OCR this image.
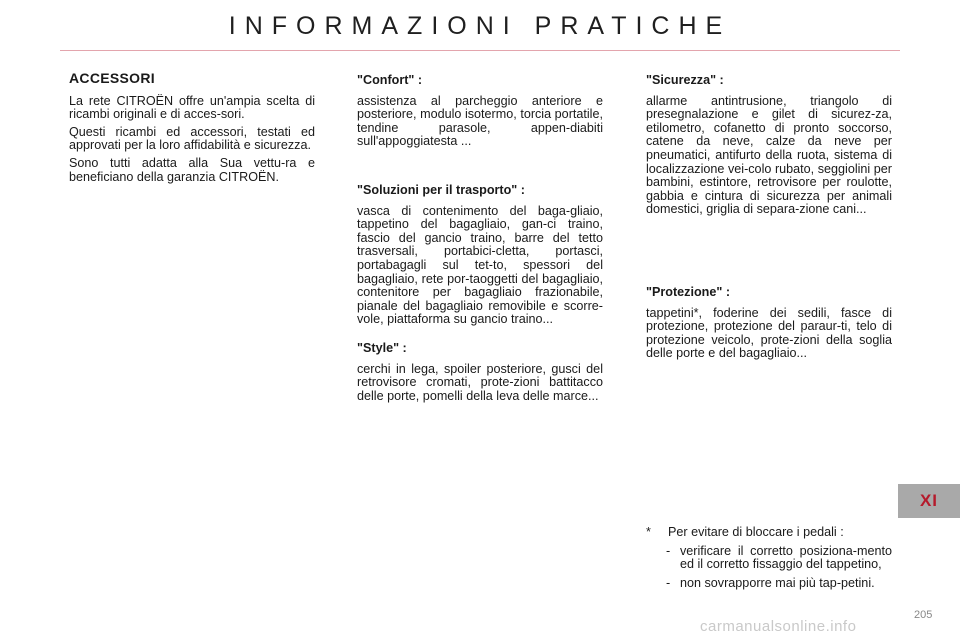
INFORMAZIONI PRATICHE
ACCESSORI

La rete CITROËN offre un'ampia scelta di ricambi originali e di acces-sori.

Questi ricambi ed accessori, testati ed approvati per la loro affidabilità e sicurezza.

Sono tutti adatta alla Sua vettu-ra e beneficiano della garanzia CITROËN.

"Confort" :

assistenza al parcheggio anteriore e posteriore, modulo isotermo, torcia portatile, tendine parasole, appen-diabiti sull'appoggiatesta ...

"Soluzioni per il trasporto" :

vasca di contenimento del baga-gliaio, tappetino del bagagliaio, gan-ci traino, fascio del gancio traino, barre del tetto trasversali, portabici-cletta, portasci, portabagagli sul tet-to, spessori del bagagliaio, rete por-taoggetti del bagagliaio, contenitore per bagagliaio frazionabile, pianale del bagagliaio removibile e scorre-vole, piattaforma su gancio traino...

"Style" :

cerchi in lega, spoiler posteriore, gusci del retrovisore cromati, prote-zioni battitacco delle porte, pomelli della leva delle marce...

"Sicurezza" :

allarme antintrusione, triangolo di presegnalazione e gilet di sicurez-za, etilometro, cofanetto di pronto soccorso, catene da neve, calze da neve per pneumatici, antifurto della ruota, sistema di localizzazione vei-colo rubato, seggiolini per bambini, estintore, retrovisore per roulotte, gabbia e cintura di sicurezza per animali domestici, griglia di separa-zione cani...

"Protezione" :

tappetini*, foderine dei sedili, fasce di protezione, protezione del paraur-ti, telo di protezione veicolo, prote-zioni della soglia delle porte e del bagagliaio...

*	Per evitare di bloccare i pedali :
- verificare il corretto posiziona-mento ed il corretto fissaggio del tappetino,
- non sovrapporre mai più tap-petini.
XI
205
carmanualsonline.info
